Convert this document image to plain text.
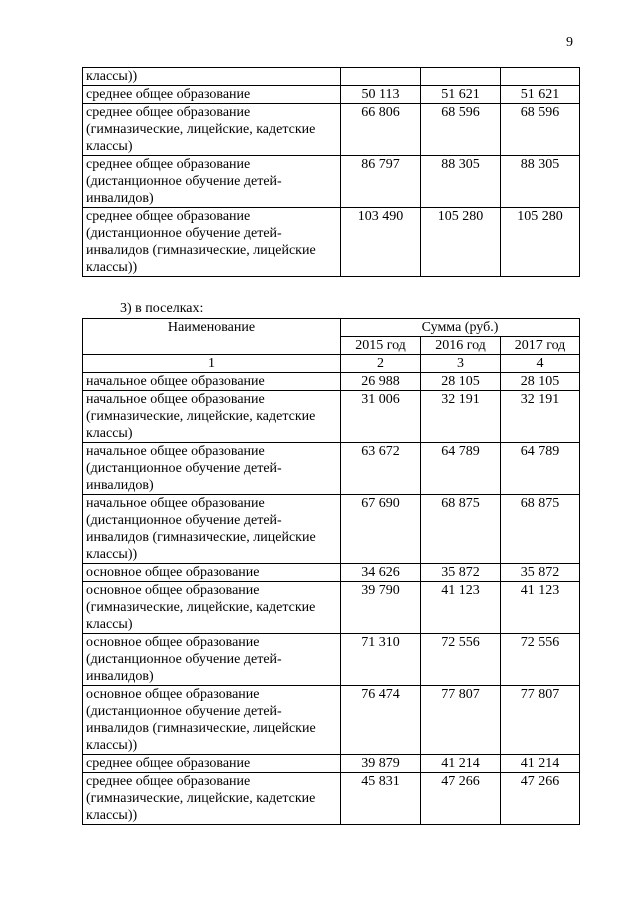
9
классы))			
среднее общее образование	50 113	51 621	51 621
среднее общее образование (гимназические, лицейские, кадетские классы)	66 806	68 596	68 596
среднее общее образование (дистанционное обучение детей-инвалидов)	86 797	88 305	88 305
среднее общее образование (дистанционное обучение детей-инвалидов (гимназические, лицейские классы))	103 490	105 280	105 280
3) в поселках:
Наименование	Сумма (руб.)		
	2015 год	2016 год	2017 год
1	2	3	4
начальное общее образование	26 988	28 105	28 105
начальное общее образование (гимназические, лицейские, кадетские классы)	31 006	32 191	32 191
начальное общее образование (дистанционное обучение детей-инвалидов)	63 672	64 789	64 789
начальное общее образование (дистанционное обучение детей-инвалидов (гимназические, лицейские классы))	67 690	68 875	68 875
основное общее образование	34 626	35 872	35 872
основное общее образование (гимназические, лицейские, кадетские классы)	39 790	41 123	41 123
основное общее образование (дистанционное обучение детей-инвалидов)	71 310	72 556	72 556
основное общее образование (дистанционное обучение детей-инвалидов (гимназические, лицейские классы))	76 474	77 807	77 807
среднее общее образование	39 879	41 214	41 214
среднее общее образование (гимназические, лицейские, кадетские классы))	45 831	47 266	47 266
